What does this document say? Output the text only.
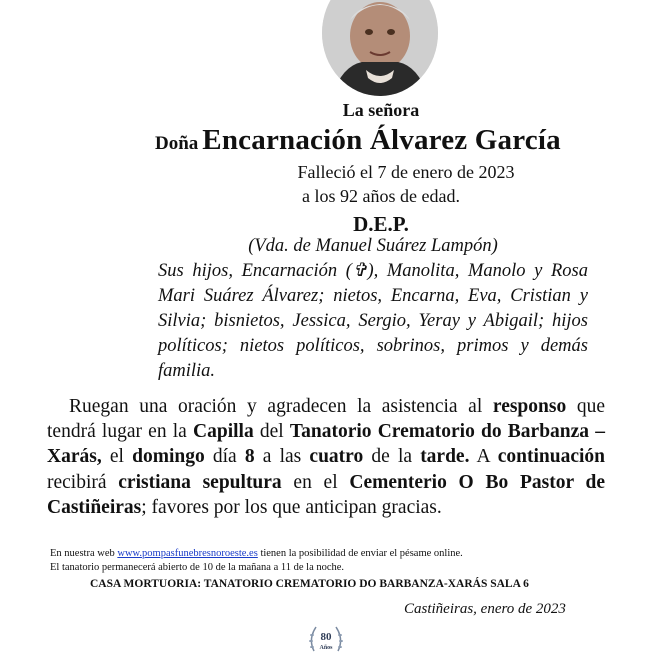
La señora
Doña Encarnación Álvarez García
Falleció el 7 de enero de 2023
a los 92 años de edad.
D.E.P.
(Vda. de Manuel Suárez Lampón)
Sus hijos, Encarnación (✞), Manolita, Manolo y Rosa Mari Suárez Álvarez; nietos, Encarna, Eva, Cristian y Silvia; bisnietos, Jessica, Sergio, Yeray y Abigail; hijos políticos; nietos políticos, sobrinos, primos y demás familia.
Ruegan una oración y agradecen la asistencia al responso que tendrá lugar en la Capilla del Tanatorio Crematorio do Barbanza – Xarás, el domingo día 8 a las cuatro de la tarde. A continuación recibirá cristiana sepultura en el Cementerio O Bo Pastor de Castiñeiras; favores por los que anticipan gracias.
En nuestra web www.pompasfunebresnoroeste.es tienen la posibilidad de enviar el pésame online.
El tanatorio permanecerá abierto de 10 de la mañana a 11 de la noche.
CASA MORTUORIA: TANATORIO CREMATORIO DO BARBANZA-XARÁS SALA 6
Castiñeiras, enero de 2023
80
Años
